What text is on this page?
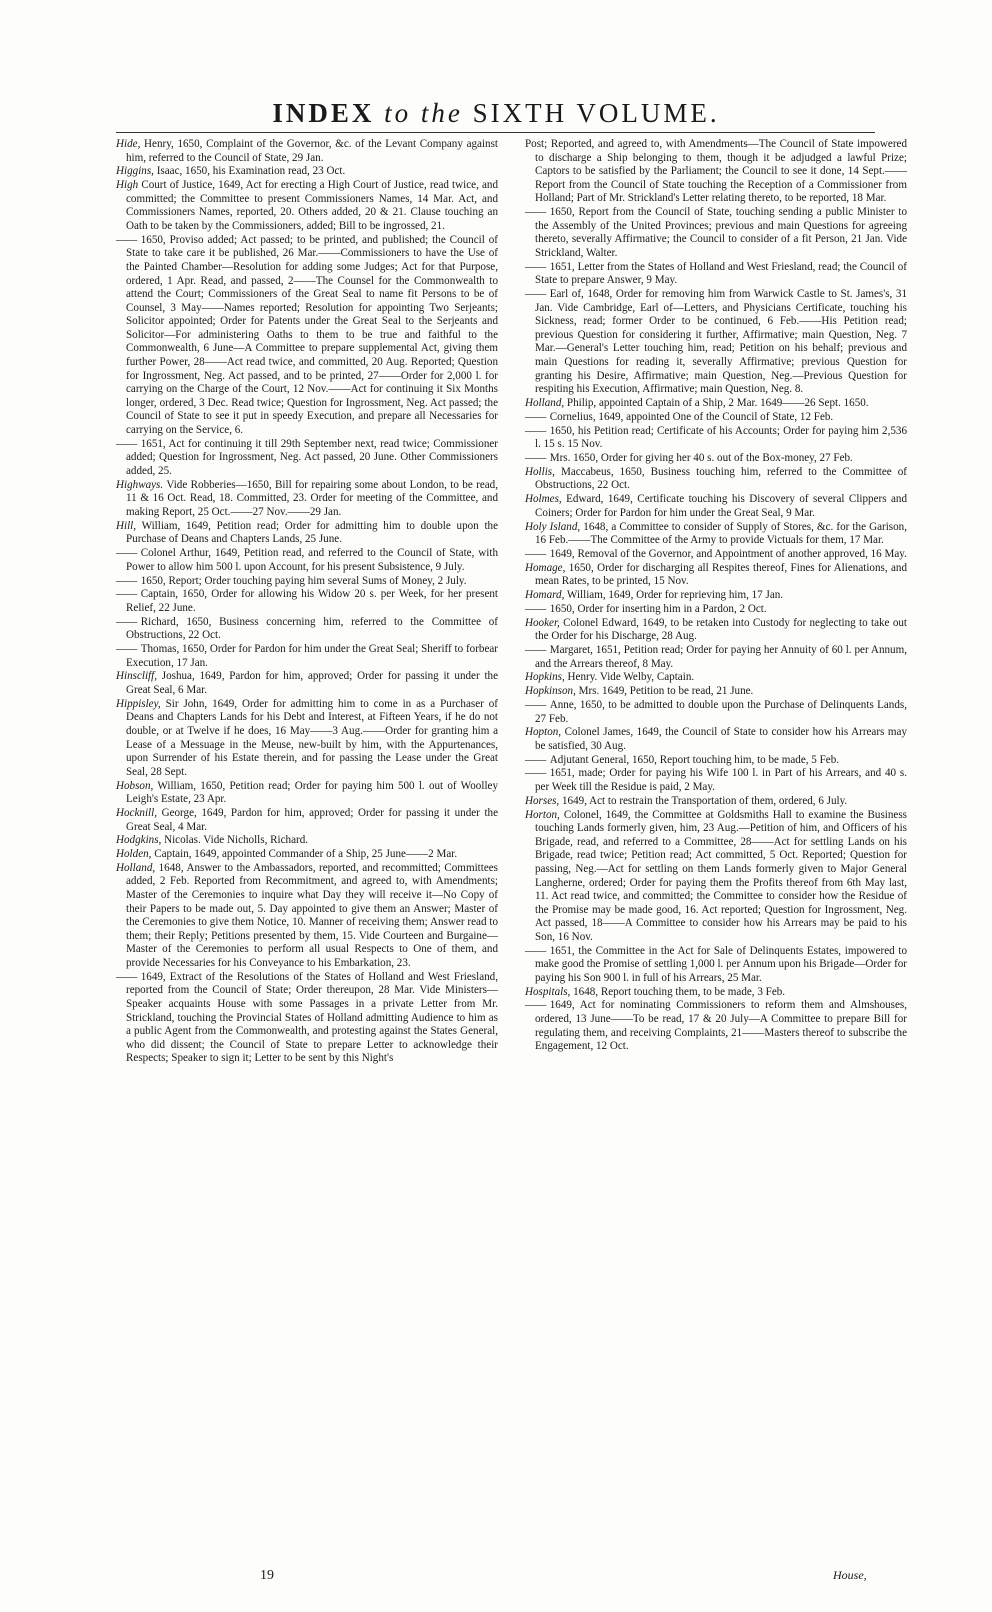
INDEX to the SIXTH VOLUME.

Hide, Henry, 1650, Complaint of the Governor, &c. of the Levant Company against him, referred to the Council of State, 29 Jan.

Higgins, Isaac, 1650, his Examination read, 23 Oct.

High Court of Justice, 1649, Act for erecting a High Court of Justice, read twice, and committed; the Committee to present Commissioners Names, 14 Mar. Act, and Commissioners Names, reported, 20. Others added, 20 & 21. Clause touching an Oath to be taken by the Commissioners, added; Bill to be ingrossed, 21.

—— 1650, Proviso added; Act passed; to be printed, and published; the Council of State to take care it be published, 26 Mar.——Commissioners to have the Use of the Painted Chamber—Resolution for adding some Judges; Act for that Purpose, ordered, 1 Apr. Read, and passed, 2——The Counsel for the Commonwealth to attend the Court; Commissioners of the Great Seal to name fit Persons to be of Counsel, 3 May——Names reported; Resolution for appointing Two Serjeants; Solicitor appointed; Order for Patents under the Great Seal to the Serjeants and Solicitor—For administering Oaths to them to be true and faithful to the Commonwealth, 6 June—A Committee to prepare supplemental Act, giving them further Power, 28——Act read twice, and committed, 20 Aug. Reported; Question for Ingrossment, Neg. Act passed, and to be printed, 27——Order for 2,000 l. for carrying on the Charge of the Court, 12 Nov.——Act for continuing it Six Months longer, ordered, 3 Dec. Read twice; Question for Ingrossment, Neg. Act passed; the Council of State to see it put in speedy Execution, and prepare all Necessaries for carrying on the Service, 6.

—— 1651, Act for continuing it till 29th September next, read twice; Commissioner added; Question for Ingrossment, Neg. Act passed, 20 June. Other Commissioners added, 25.

Highways. Vide Robberies—1650, Bill for repairing some about London, to be read, 11 & 16 Oct. Read, 18. Committed, 23. Order for meeting of the Committee, and making Report, 25 Oct.——27 Nov.——29 Jan.

Hill, William, 1649, Petition read; Order for admitting him to double upon the Purchase of Deans and Chapters Lands, 25 June.

—— Colonel Arthur, 1649, Petition read, and referred to the Council of State, with Power to allow him 500 l. upon Account, for his present Subsistence, 9 July.

—— 1650, Report; Order touching paying him several Sums of Money, 2 July.

—— Captain, 1650, Order for allowing his Widow 20 s. per Week, for her present Relief, 22 June.

—— Richard, 1650, Business concerning him, referred to the Committee of Obstructions, 22 Oct.

—— Thomas, 1650, Order for Pardon for him under the Great Seal; Sheriff to forbear Execution, 17 Jan.

Hinscliff, Joshua, 1649, Pardon for him, approved; Order for passing it under the Great Seal, 6 Mar.

Hippisley, Sir John, 1649, Order for admitting him to come in as a Purchaser of Deans and Chapters Lands for his Debt and Interest, at Fifteen Years, if he do not double, or at Twelve if he does, 16 May——3 Aug.——Order for granting him a Lease of a Messuage in the Meuse, new-built by him, with the Appurtenances, upon Surrender of his Estate therein, and for passing the Lease under the Great Seal, 28 Sept.

Hobson, William, 1650, Petition read; Order for paying him 500 l. out of Woolley Leigh's Estate, 23 Apr.

Hocknill, George, 1649, Pardon for him, approved; Order for passing it under the Great Seal, 4 Mar.

Hodgkins, Nicolas. Vide Nicholls, Richard.

Holden, Captain, 1649, appointed Commander of a Ship, 25 June——2 Mar.

Holland, 1648, Answer to the Ambassadors, reported, and recommitted; Committees added, 2 Feb. Reported from Recommitment, and agreed to, with Amendments; Master of the Ceremonies to inquire what Day they will receive it—No Copy of their Papers to be made out, 5. Day appointed to give them an Answer; Master of the Ceremonies to give them Notice, 10. Manner of receiving them; Answer read to them; their Reply; Petitions presented by them, 15. Vide Courteen and Burgaine—Master of the Ceremonies to perform all usual Respects to One of them, and provide Necessaries for his Conveyance to his Embarkation, 23.

—— 1649, Extract of the Resolutions of the States of Holland and West Friesland, reported from the Council of State; Order thereupon, 28 Mar. Vide Ministers—Speaker acquaints House with some Passages in a private Letter from Mr. Strickland, touching the Provincial States of Holland admitting Audience to him as a public Agent from the Commonwealth, and protesting against the States General, who did dissent; the Council of State to prepare Letter to acknowledge their Respects; Speaker to sign it; Letter to be sent by this Night's

Post; Reported, and agreed to, with Amendments—The Council of State impowered to discharge a Ship belonging to them, though it be adjudged a lawful Prize; Captors to be satisfied by the Parliament; the Council to see it done, 14 Sept.——Report from the Council of State touching the Reception of a Commissioner from Holland; Part of Mr. Strickland's Letter relating thereto, to be reported, 18 Mar.

—— 1650, Report from the Council of State, touching sending a public Minister to the Assembly of the United Provinces; previous and main Questions for agreeing thereto, severally Affirmative; the Council to consider of a fit Person, 21 Jan. Vide Strickland, Walter.

—— 1651, Letter from the States of Holland and West Friesland, read; the Council of State to prepare Answer, 9 May.

—— Earl of, 1648, Order for removing him from Warwick Castle to St. James's, 31 Jan. Vide Cambridge, Earl of—Letters, and Physicians Certificate, touching his Sickness, read; former Order to be continued, 6 Feb.——His Petition read; previous Question for considering it further, Affirmative; main Question, Neg. 7 Mar.—General's Letter touching him, read; Petition on his behalf; previous and main Questions for reading it, severally Affirmative; previous Question for granting his Desire, Affirmative; main Question, Neg.—Previous Question for respiting his Execution, Affirmative; main Question, Neg. 8.

Holland, Philip, appointed Captain of a Ship, 2 Mar. 1649——26 Sept. 1650.

—— Cornelius, 1649, appointed One of the Council of State, 12 Feb.

—— 1650, his Petition read; Certificate of his Accounts; Order for paying him 2,536 l. 15 s. 15 Nov.

—— Mrs. 1650, Order for giving her 40 s. out of the Box-money, 27 Feb.

Hollis, Maccabeus, 1650, Business touching him, referred to the Committee of Obstructions, 22 Oct.

Holmes, Edward, 1649, Certificate touching his Discovery of several Clippers and Coiners; Order for Pardon for him under the Great Seal, 9 Mar.

Holy Island, 1648, a Committee to consider of Supply of Stores, &c. for the Garison, 16 Feb.——The Committee of the Army to provide Victuals for them, 17 Mar.

—— 1649, Removal of the Governor, and Appointment of another approved, 16 May.

Homage, 1650, Order for discharging all Respites thereof, Fines for Alienations, and mean Rates, to be printed, 15 Nov.

Homard, William, 1649, Order for reprieving him, 17 Jan.

—— 1650, Order for inserting him in a Pardon, 2 Oct.

Hooker, Colonel Edward, 1649, to be retaken into Custody for neglecting to take out the Order for his Discharge, 28 Aug.

—— Margaret, 1651, Petition read; Order for paying her Annuity of 60 l. per Annum, and the Arrears thereof, 8 May.

Hopkins, Henry. Vide Welby, Captain.

Hopkinson, Mrs. 1649, Petition to be read, 21 June.

—— Anne, 1650, to be admitted to double upon the Purchase of Delinquents Lands, 27 Feb.

Hopton, Colonel James, 1649, the Council of State to consider how his Arrears may be satisfied, 30 Aug.

—— Adjutant General, 1650, Report touching him, to be made, 5 Feb.

—— 1651, made; Order for paying his Wife 100 l. in Part of his Arrears, and 40 s. per Week till the Residue is paid, 2 May.

Horses, 1649, Act to restrain the Transportation of them, ordered, 6 July.

Horton, Colonel, 1649, the Committee at Goldsmiths Hall to examine the Business touching Lands formerly given, him, 23 Aug.—Petition of him, and Officers of his Brigade, read, and referred to a Committee, 28——Act for settling Lands on his Brigade, read twice; Petition read; Act committed, 5 Oct. Reported; Question for passing, Neg.—Act for settling on them Lands formerly given to Major General Langherne, ordered; Order for paying them the Profits thereof from 6th May last, 11. Act read twice, and committed; the Committee to consider how the Residue of the Promise may be made good, 16. Act reported; Question for Ingrossment, Neg. Act passed, 18——A Committee to consider how his Arrears may be paid to his Son, 16 Nov.

—— 1651, the Committee in the Act for Sale of Delinquents Estates, impowered to make good the Promise of settling 1,000 l. per Annum upon his Brigade—Order for paying his Son 900 l. in full of his Arrears, 25 Mar.

Hospitals, 1648, Report touching them, to be made, 3 Feb.

—— 1649, Act for nominating Commissioners to reform them and Almshouses, ordered, 13 June——To be read, 17 & 20 July—A Committee to prepare Bill for regulating them, and receiving Complaints, 21——Masters thereof to subscribe the Engagement, 12 Oct.

19	House,
